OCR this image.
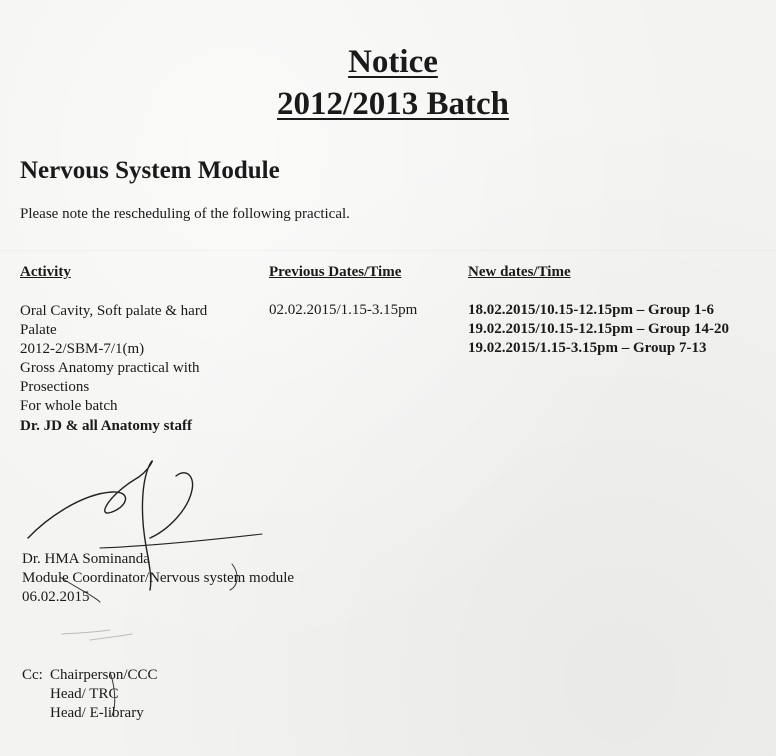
Notice
2012/2013 Batch
Nervous System Module
Please note the rescheduling of the following practical.
Activity	Previous Dates/Time	New dates/Time
Oral Cavity, Soft palate & hard
Palate
2012-2/SBM-7/1(m)
Gross Anatomy practical with
Prosections
For whole batch
Dr. JD & all Anatomy staff
02.02.2015/1.15-3.15pm	18.02.2015/10.15-12.15pm – Group 1-6
19.02.2015/10.15-12.15pm – Group 14-20
19.02.2015/1.15-3.15pm – Group 7-13
Dr. HMA Sominanda
Module Coordinator/Nervous system module
06.02.2015
Cc: Chairperson/CCC
Head/ TRC
Head/ E-library
